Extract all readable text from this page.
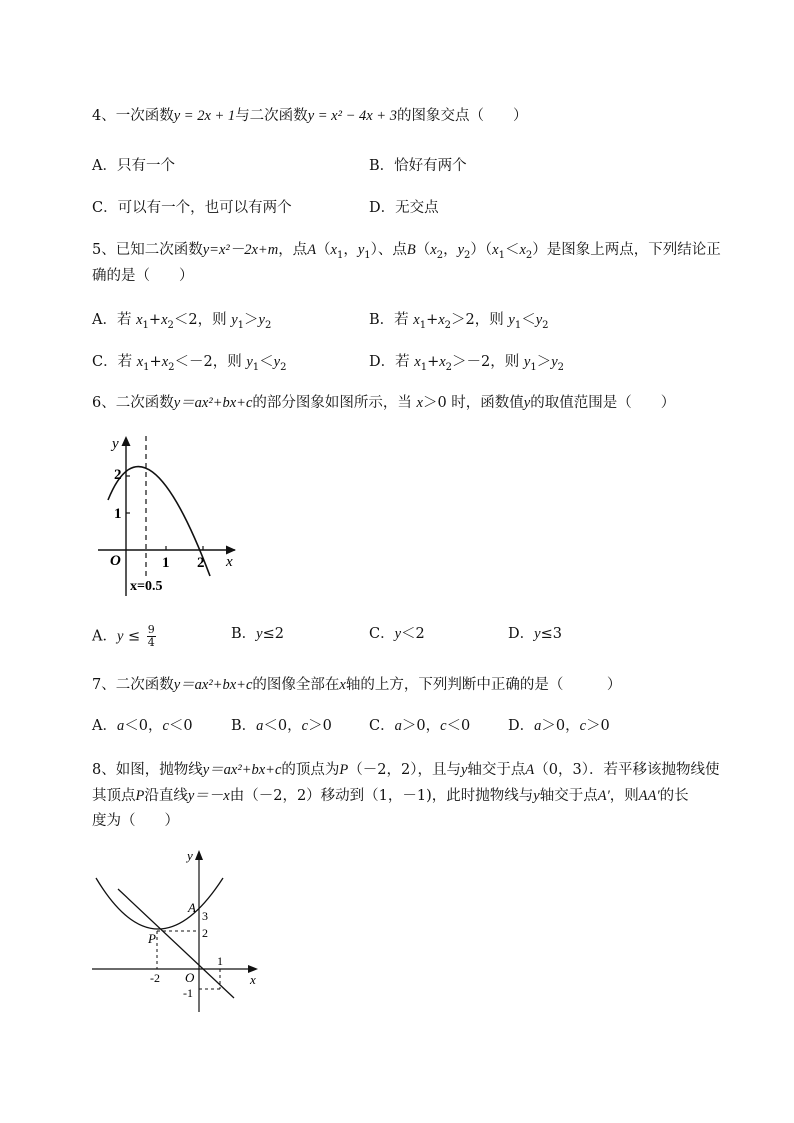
4、一次函数y = 2x + 1与二次函数y = x² − 4x + 3的图象交点（　　）
A．只有一个	B．恰好有两个
C．可以有一个，也可以有两个	D．无交点
5、已知二次函数y=x²－2x+m，点$A(x_1$，$y_1$）、点$B(x_2$，$y_2)(x_1<x_2)$是图象上两点，下列结论正
确的是（　　）
A．若 $x_1+x_2<2$，则 $y_1>y_2$	B．若 $x_1+x_2>2$，则 $y_1<y_2$
C．若 $x_1+x_2<-2$，则 $y_1<y_2$	D．若 $x_1+x_2>-2$，则 $y_1>y_2$
6、二次函数y＝ax²+bx+c的部分图象如图所示，当 x＞0 时，函数值y的取值范围是（　　）
y
2
1
O	1 2 x
x=0.5
A．$y \le \frac{9}{4}$	B．y≤2	C．y＜2	D．y≤3
7、二次函数y＝ax²+bx+c的图像全部在x轴的上方，下列判断中正确的是（　　　）
A．a＜0，c＜0	B．a＜0，c＞0	C．a＞0，c＜0	D．a＞0，c＞0
8、如图，抛物线y＝ax²+bx+c的顶点为P（－2，2），且与y轴交于点A（0，3）．若平移该抛物线使
其顶点P沿直线y＝－x由（－2，2）移动到（1，－1)，此时抛物线与y轴交于点A′，则AA′的长
度为（　　）
y
A
3
2
P
-2 O
1
x
-1
